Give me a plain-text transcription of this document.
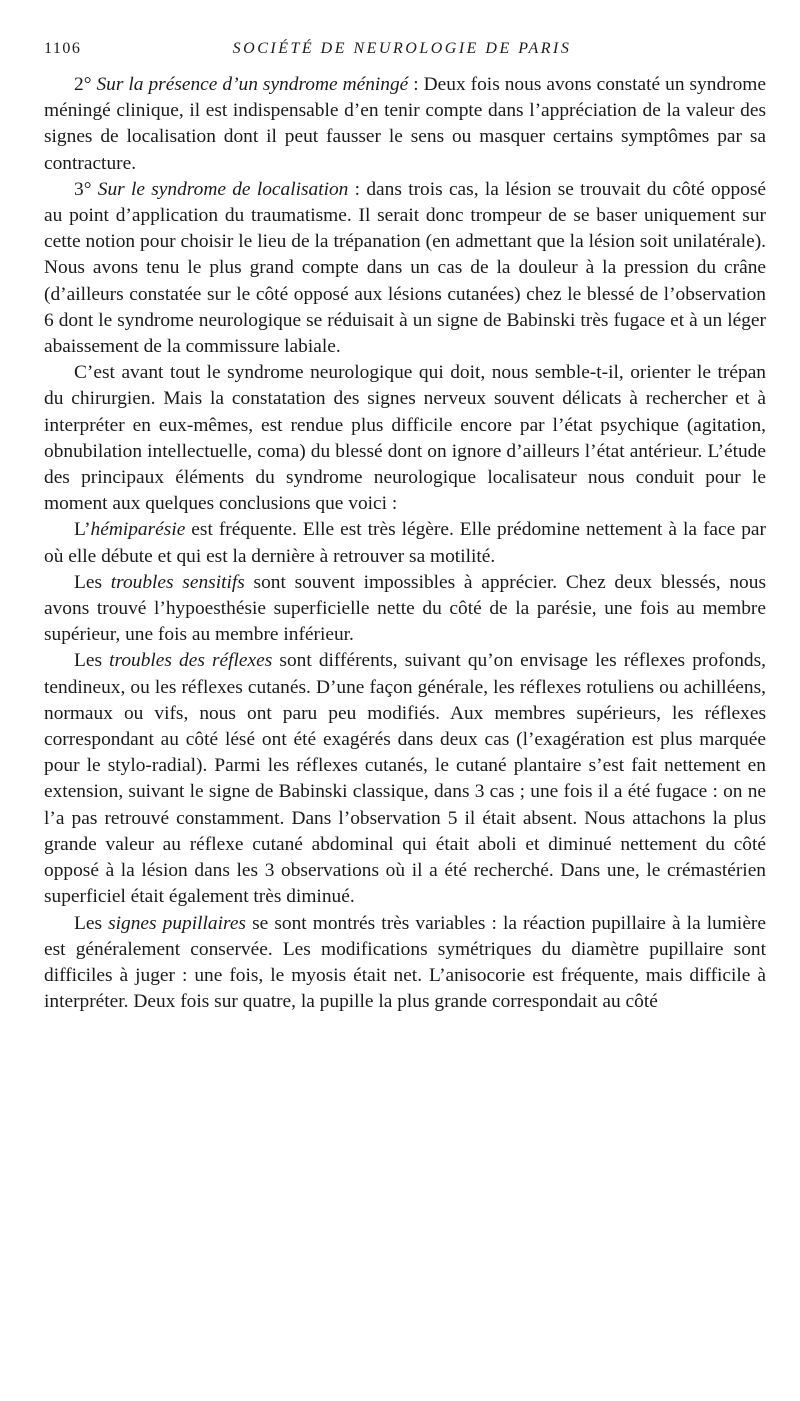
1106	SOCIÉTÉ DE NEUROLOGIE DE PARIS

2° Sur la présence d’un syndrome méningé : Deux fois nous avons constaté un syndrome méningé clinique, il est indispensable d’en tenir compte dans l’appréciation de la valeur des signes de localisation dont il peut fausser le sens ou masquer certains symptômes par sa contracture.

3° Sur le syndrome de localisation : dans trois cas, la lésion se trouvait du côté opposé au point d’application du traumatisme. Il serait donc trompeur de se baser uniquement sur cette notion pour choisir le lieu de la trépanation (en admettant que la lésion soit unilatérale). Nous avons tenu le plus grand compte dans un cas de la douleur à la pression du crâne (d’ailleurs constatée sur le côté opposé aux lésions cutanées) chez le blessé de l’observation 6 dont le syndrome neurologique se réduisait à un signe de Babinski très fugace et à un léger abaissement de la commissure labiale.

C’est avant tout le syndrome neurologique qui doit, nous semble-t-il, orienter le trépan du chirurgien. Mais la constatation des signes nerveux souvent délicats à rechercher et à interpréter en eux-mêmes, est rendue plus difficile encore par l’état psychique (agitation, obnubilation intellectuelle, coma) du blessé dont on ignore d’ailleurs l’état antérieur. L’étude des principaux éléments du syndrome neurologique localisateur nous conduit pour le moment aux quelques conclusions que voici :

L’hémiparésie est fréquente. Elle est très légère. Elle prédomine nettement à la face par où elle débute et qui est la dernière à retrouver sa motilité.

Les troubles sensitifs sont souvent impossibles à apprécier. Chez deux blessés, nous avons trouvé l’hypoesthésie superficielle nette du côté de la parésie, une fois au membre supérieur, une fois au membre inférieur.

Les troubles des réflexes sont différents, suivant qu’on envisage les réflexes profonds, tendineux, ou les réflexes cutanés. D’une façon générale, les réflexes rotuliens ou achilléens, normaux ou vifs, nous ont paru peu modifiés. Aux membres supérieurs, les réflexes correspondant au côté lésé ont été exagérés dans deux cas (l’exagération est plus marquée pour le stylo-radial). Parmi les réflexes cutanés, le cutané plantaire s’est fait nettement en extension, suivant le signe de Babinski classique, dans 3 cas ; une fois il a été fugace : on ne l’a pas retrouvé constamment. Dans l’observation 5 il était absent. Nous attachons la plus grande valeur au réflexe cutané abdominal qui était aboli et diminué nettement du côté opposé à la lésion dans les 3 observations où il a été recherché. Dans une, le crémastérien superficiel était également très diminué.

Les signes pupillaires se sont montrés très variables : la réaction pupillaire à la lumière est généralement conservée. Les modifications symétriques du diamètre pupillaire sont difficiles à juger : une fois, le myosis était net. L’anisocorie est fréquente, mais difficile à interpréter. Deux fois sur quatre, la pupille la plus grande correspondait au côté
